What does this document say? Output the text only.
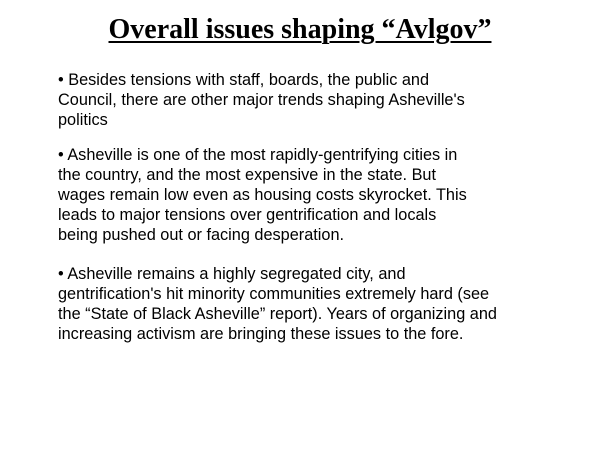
Overall issues shaping “Avlgov”
• Besides tensions with staff, boards, the public and
Council, there are other major trends shaping Asheville's
politics
• Asheville is one of the most rapidly-gentrifying cities in
the country, and the most expensive in the state. But
wages remain low even as housing costs skyrocket. This
leads to major tensions over gentrification and locals
being pushed out or facing desperation.
• Asheville remains a highly segregated city, and
gentrification's hit minority communities extremely hard (see
the “State of Black Asheville” report). Years of organizing and
increasing activism are bringing these issues to the fore.
